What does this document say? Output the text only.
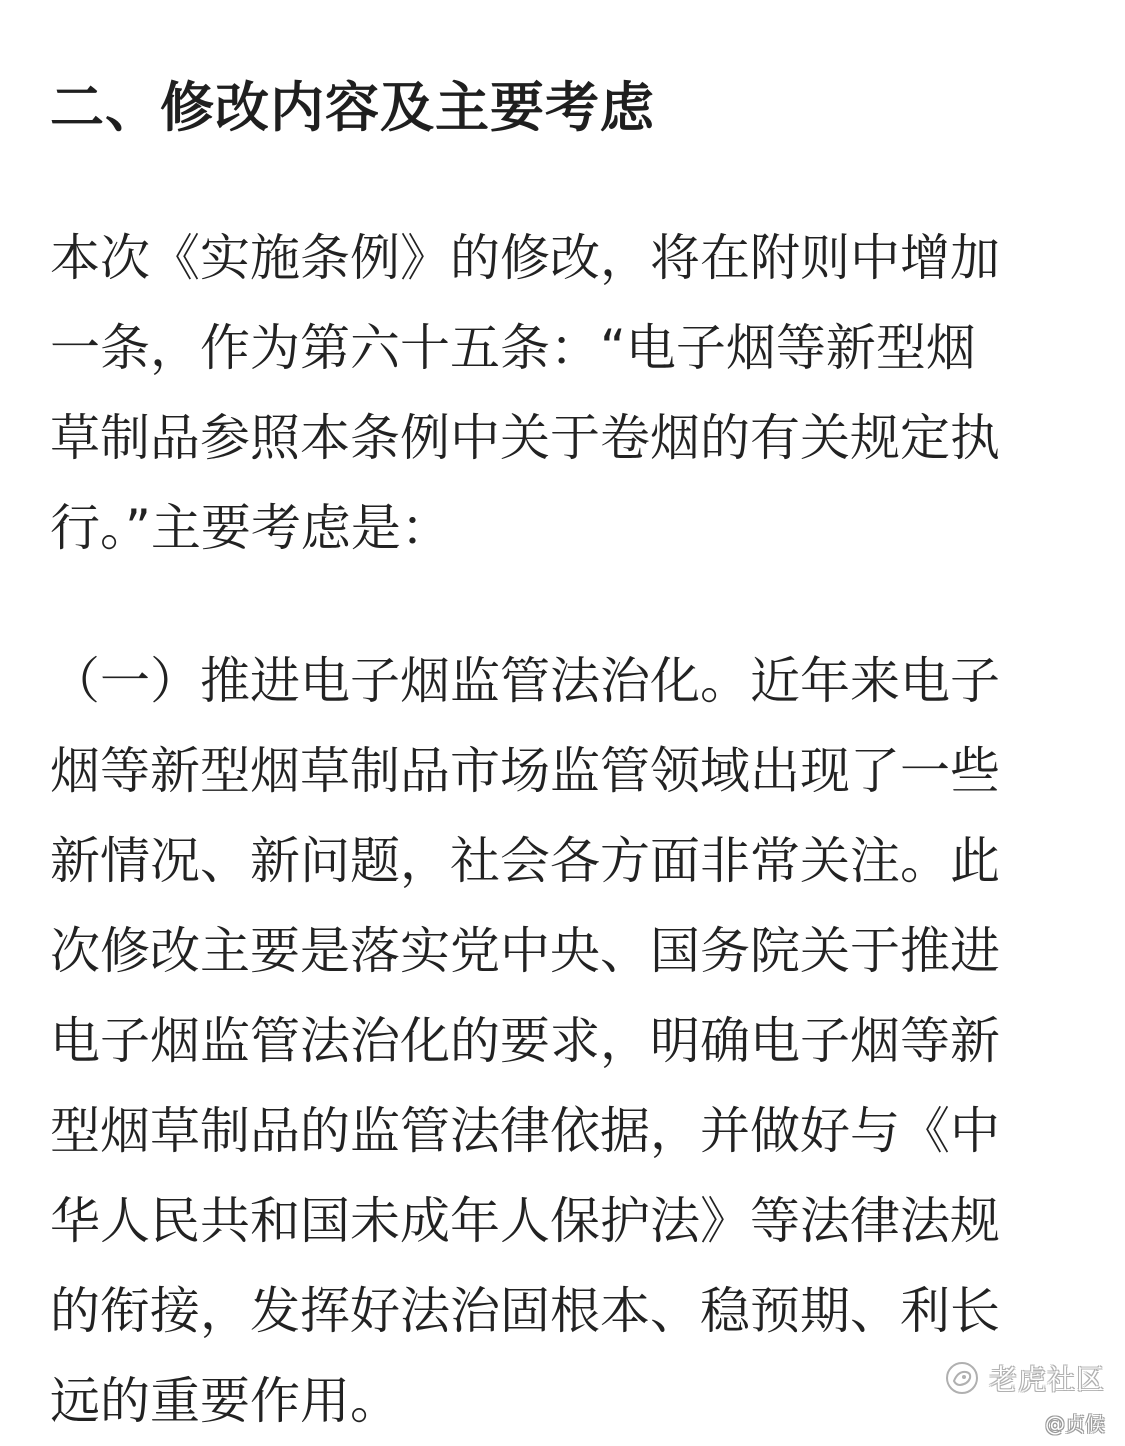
二、修改内容及主要考虑
本次《实施条例》的修改，将在附则中增加
一条，作为第六十五条：“电子烟等新型烟
草制品参照本条例中关于卷烟的有关规定执
行。”主要考虑是：
（一）推进电子烟监管法治化。近年来电子
烟等新型烟草制品市场监管领域出现了一些
新情况、新问题，社会各方面非常关注。此
次修改主要是落实党中央、国务院关于推进
电子烟监管法治化的要求，明确电子烟等新
型烟草制品的监管法律依据，并做好与《中
华人民共和国未成年人保护法》等法律法规
的衔接，发挥好法治固根本、稳预期、利长
远的重要作用。	老虎社区
@贞候
